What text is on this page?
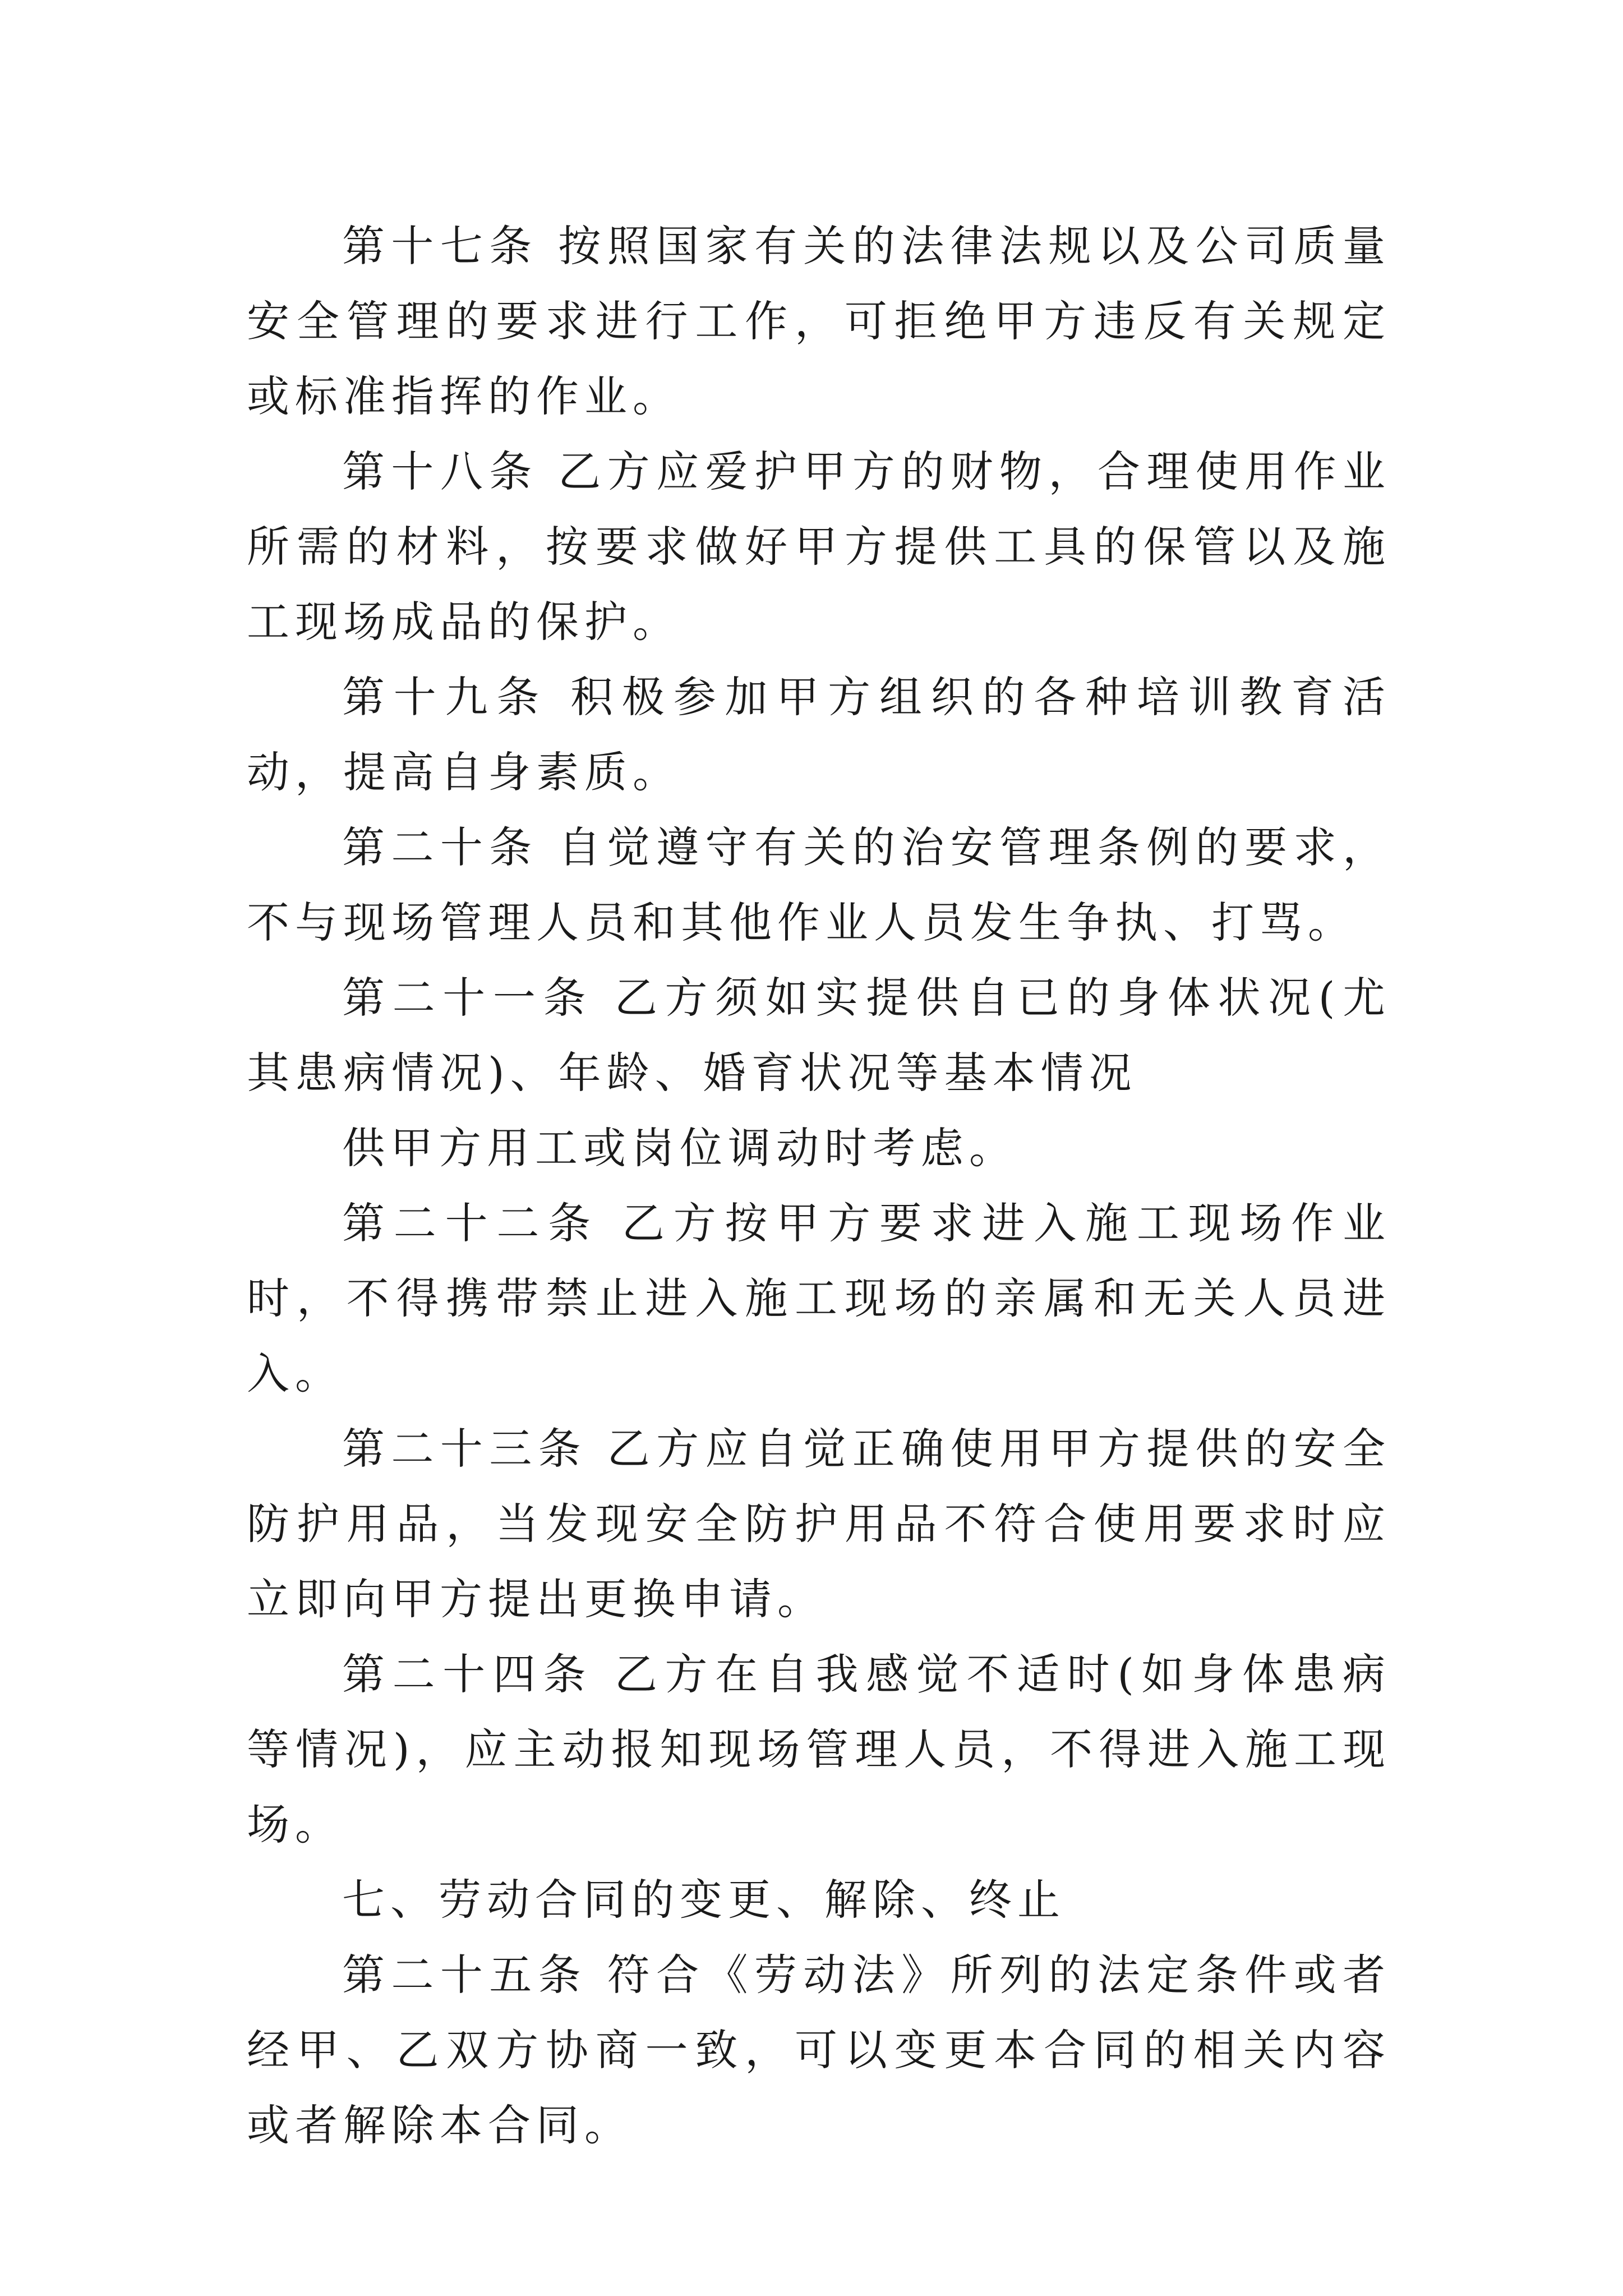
第十七条 按照国家有关的法律法规以及公司质量安全管理的要求进行工作，可拒绝甲方违反有关规定或标准指挥的作业。

第十八条 乙方应爱护甲方的财物，合理使用作业所需的材料，按要求做好甲方提供工具的保管以及施工现场成品的保护。

第十九条 积极参加甲方组织的各种培训教育活动，提高自身素质。

第二十条 自觉遵守有关的治安管理条例的要求，不与现场管理人员和其他作业人员发生争执、打骂。

第二十一条 乙方须如实提供自已的身体状况(尤其患病情况)、年龄、婚育状况等基本情况

供甲方用工或岗位调动时考虑。

第二十二条 乙方按甲方要求进入施工现场作业时，不得携带禁止进入施工现场的亲属和无关人员进入。

第二十三条 乙方应自觉正确使用甲方提供的安全防护用品，当发现安全防护用品不符合使用要求时应立即向甲方提出更换申请。

第二十四条 乙方在自我感觉不适时(如身体患病等情况)，应主动报知现场管理人员，不得进入施工现场。

七、劳动合同的变更、解除、终止

第二十五条 符合《劳动法》所列的法定条件或者经甲、乙双方协商一致，可以变更本合同的相关内容或者解除本合同。
